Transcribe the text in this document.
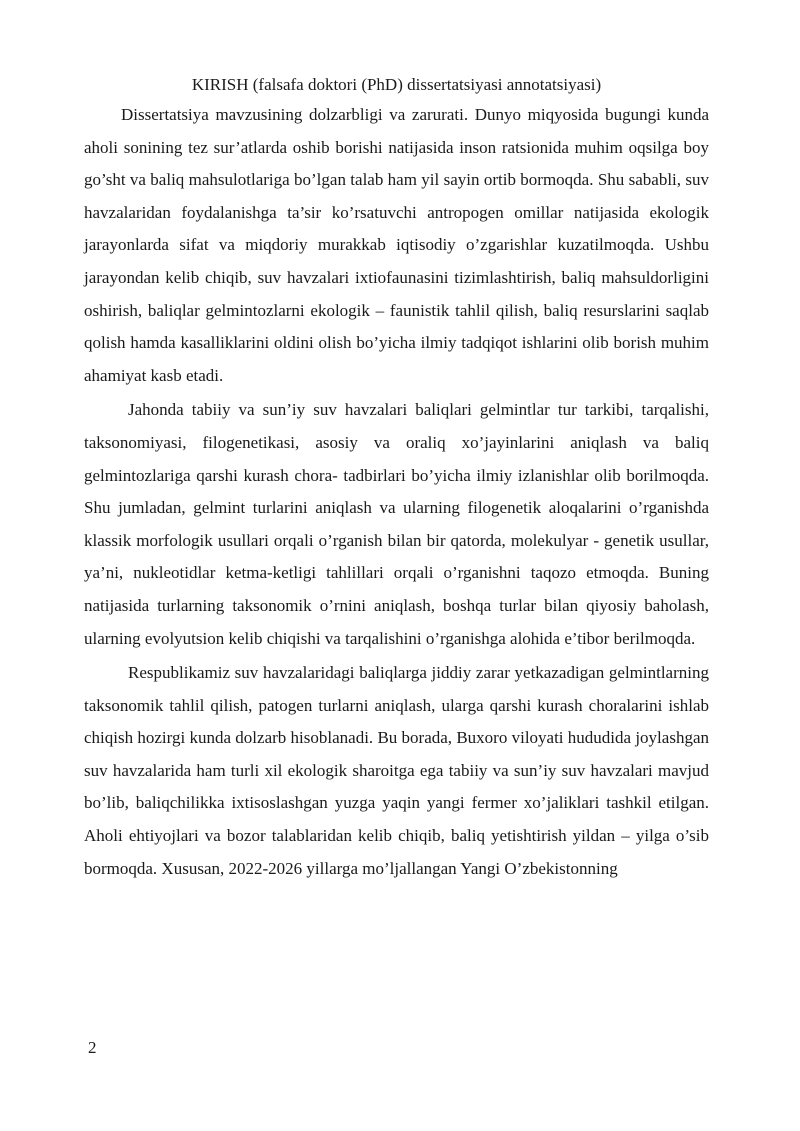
KIRISH (falsafa doktori (PhD) dissertatsiyasi annotatsiyasi)

Dissertatsiya mavzusining dolzarbligi va zarurati. Dunyo miqyosida bugungi kunda aholi sonining tez sur’atlarda oshib borishi natijasida inson ratsionida muhim oqsilga boy go’sht va baliq mahsulotlariga bo’lgan talab ham yil sayin ortib bormoqda. Shu sababli, suv havzalaridan foydalanishga ta’sir ko’rsatuvchi antropogen omillar natijasida ekologik jarayonlarda sifat va miqdoriy murakkab iqtisodiy o’zgarishlar kuzatilmoqda. Ushbu jarayondan kelib chiqib, suv havzalari ixtiofaunasini tizimlashtirish, baliq mahsuldorligini oshirish, baliqlar gelmintozlarni ekologik – faunistik tahlil qilish, baliq resurslarini saqlab qolish hamda kasalliklarini oldini olish bo’yicha ilmiy tadqiqot ishlarini olib borish muhim ahamiyat kasb etadi.

Jahonda tabiiy va sun’iy suv havzalari baliqlari gelmintlar tur tarkibi, tarqalishi, taksonomiyasi, filogenetikasi, asosiy va oraliq xo’jayinlarini aniqlash va baliq gelmintozlariga qarshi kurash chora- tadbirlari bo’yicha ilmiy izlanishlar olib borilmoqda. Shu jumladan, gelmint turlarini aniqlash va ularning filogenetik aloqalarini o’rganishda klassik morfologik usullari orqali o’rganish bilan bir qatorda, molekulyar - genetik usullar, ya’ni, nukleotidlar ketma-ketligi tahlillari orqali o’rganishni taqozo etmoqda. Buning natijasida turlarning taksonomik o’rnini aniqlash, boshqa turlar bilan qiyosiy baholash, ularning evolyutsion kelib chiqishi va tarqalishini o’rganishga alohida e’tibor berilmoqda.

Respublikamiz suv havzalaridagi baliqlarga jiddiy zarar yetkazadigan gelmintlarning taksonomik tahlil qilish, patogen turlarni aniqlash, ularga qarshi kurash choralarini ishlab chiqish hozirgi kunda dolzarb hisoblanadi. Bu borada, Buxoro viloyati hududida joylashgan suv havzalarida ham turli xil ekologik sharoitga ega tabiiy va sun’iy suv havzalari mavjud bo’lib, baliqchilikka ixtisoslashgan yuzga yaqin yangi fermer xo’jaliklari tashkil etilgan. Aholi ehtiyojlari va bozor talablaridan kelib chiqib, baliq yetishtirish yildan – yilga o’sib bormoqda. Xususan, 2022-2026 yillarga mo’ljallangan Yangi O’zbekistonning

2
